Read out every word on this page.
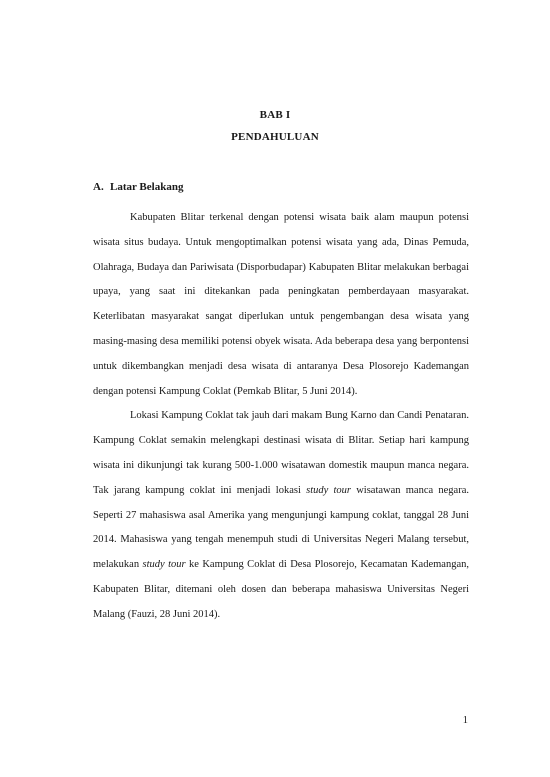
BAB I
PENDAHULUAN
A. Latar Belakang

Kabupaten Blitar terkenal dengan potensi wisata baik alam maupun potensi wisata situs budaya. Untuk mengoptimalkan potensi wisata yang ada, Dinas Pemuda, Olahraga, Budaya dan Pariwisata (Disporbudapar) Kabupaten Blitar melakukan berbagai upaya, yang saat ini ditekankan pada peningkatan pemberdayaan masyarakat. Keterlibatan masyarakat sangat diperlukan untuk pengembangan desa wisata yang masing-masing desa memiliki potensi obyek wisata. Ada beberapa desa yang berpontensi untuk dikembangkan menjadi desa wisata di antaranya Desa Plosorejo Kademangan dengan potensi Kampung Coklat (Pemkab Blitar, 5 Juni 2014).

Lokasi Kampung Coklat tak jauh dari makam Bung Karno dan Candi Penataran. Kampung Coklat semakin melengkapi destinasi wisata di Blitar. Setiap hari kampung wisata ini dikunjungi tak kurang 500-1.000 wisatawan domestik maupun manca negara. Tak jarang kampung coklat ini menjadi lokasi study tour wisatawan manca negara. Seperti 27 mahasiswa asal Amerika yang mengunjungi kampung coklat, tanggal 28 Juni 2014. Mahasiswa yang tengah menempuh studi di Universitas Negeri Malang tersebut, melakukan study tour ke Kampung Coklat di Desa Plosorejo, Kecamatan Kademangan, Kabupaten Blitar, ditemani oleh dosen dan beberapa mahasiswa Universitas Negeri Malang (Fauzi, 28 Juni 2014).

1
